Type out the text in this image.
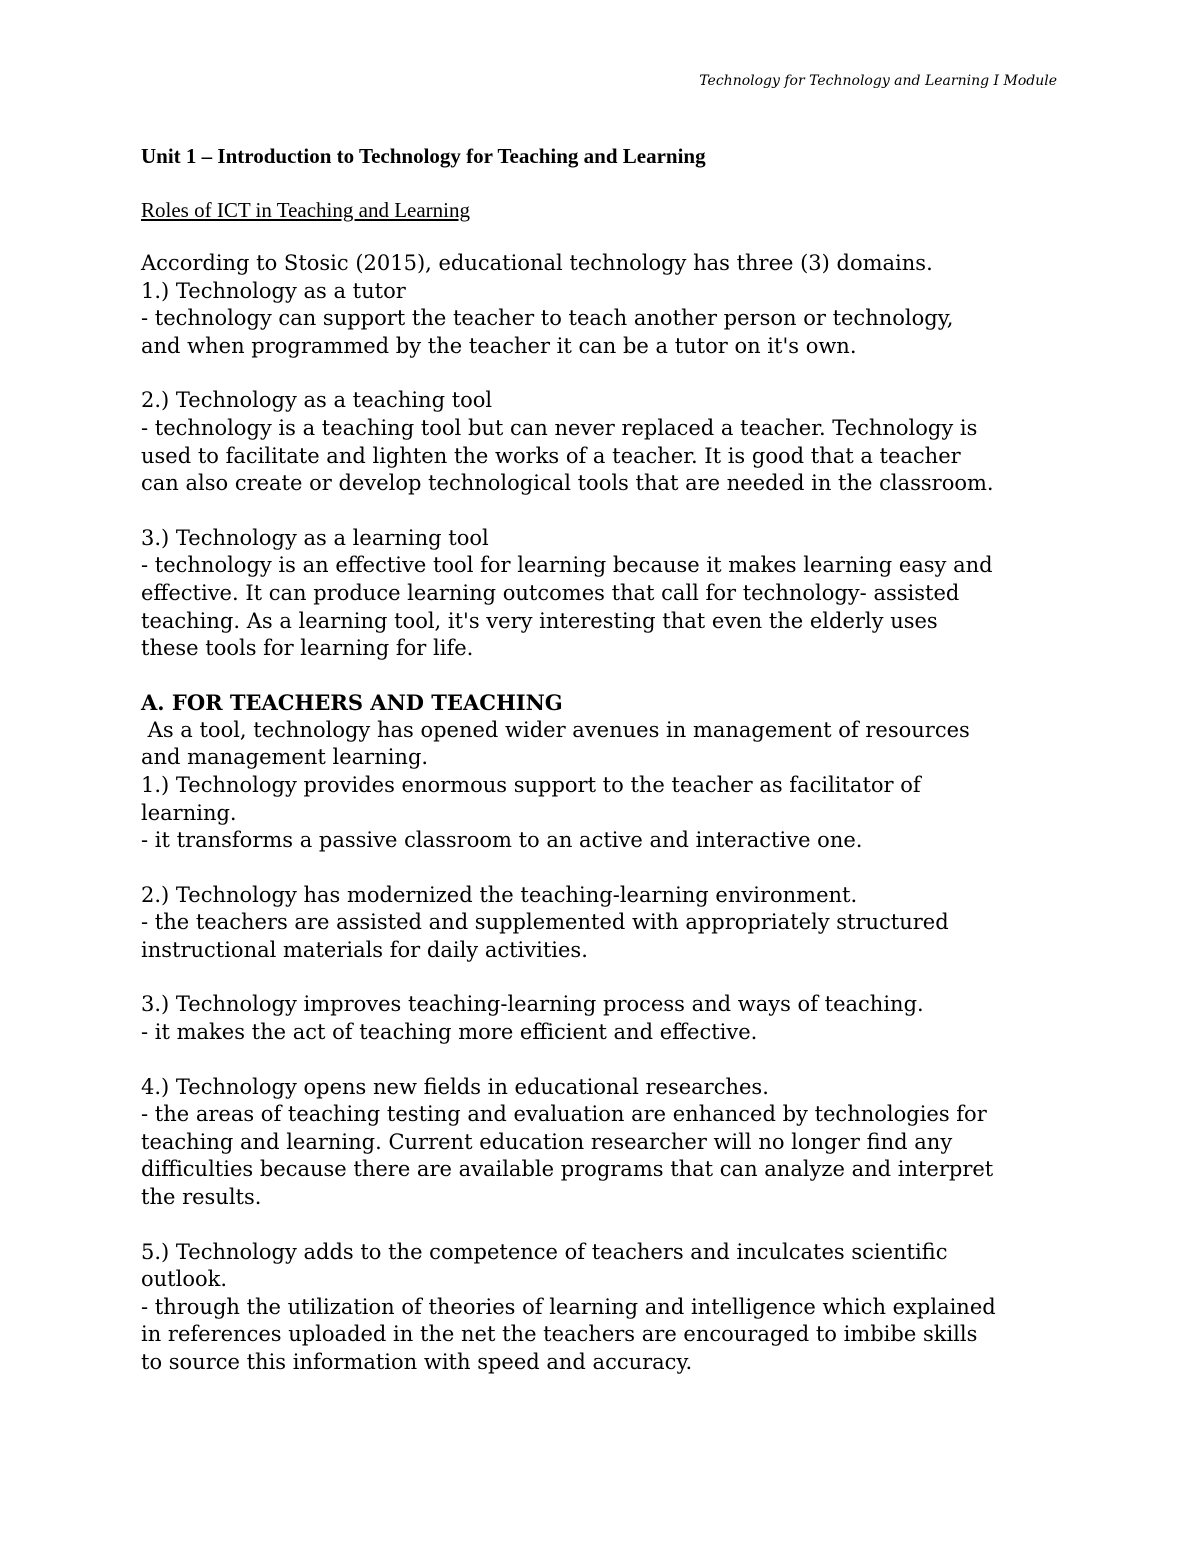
Technology for Technology and Learning I Module
Unit 1 – Introduction to Technology for Teaching and Learning
Roles of ICT in Teaching and Learning
According to Stosic (2015), educational technology has three (3) domains.
1.) Technology as a tutor
- technology can support the teacher to teach another person or technology,
and when programmed by the teacher it can be a tutor on it's own.
2.) Technology as a teaching tool
- technology is a teaching tool but can never replaced a teacher. Technology is
used to facilitate and lighten the works of a teacher. It is good that a teacher
can also create or develop technological tools that are needed in the classroom.
3.) Technology as a learning tool
- technology is an effective tool for learning because it makes learning easy and
effective. It can produce learning outcomes that call for technology- assisted
teaching. As a learning tool, it's very interesting that even the elderly uses
these tools for learning for life.
A. FOR TEACHERS AND TEACHING
As a tool, technology has opened wider avenues in management of resources
and management learning.
1.) Technology provides enormous support to the teacher as facilitator of
learning.
- it transforms a passive classroom to an active and interactive one.
2.) Technology has modernized the teaching-learning environment.
- the teachers are assisted and supplemented with appropriately structured
instructional materials for daily activities.
3.) Technology improves teaching-learning process and ways of teaching.
- it makes the act of teaching more efficient and effective.
4.) Technology opens new fields in educational researches.
- the areas of teaching testing and evaluation are enhanced by technologies for
teaching and learning. Current education researcher will no longer find any
difficulties because there are available programs that can analyze and interpret
the results.
5.) Technology adds to the competence of teachers and inculcates scientific
outlook.
- through the utilization of theories of learning and intelligence which explained
in references uploaded in the net the teachers are encouraged to imbibe skills
to source this information with speed and accuracy.
